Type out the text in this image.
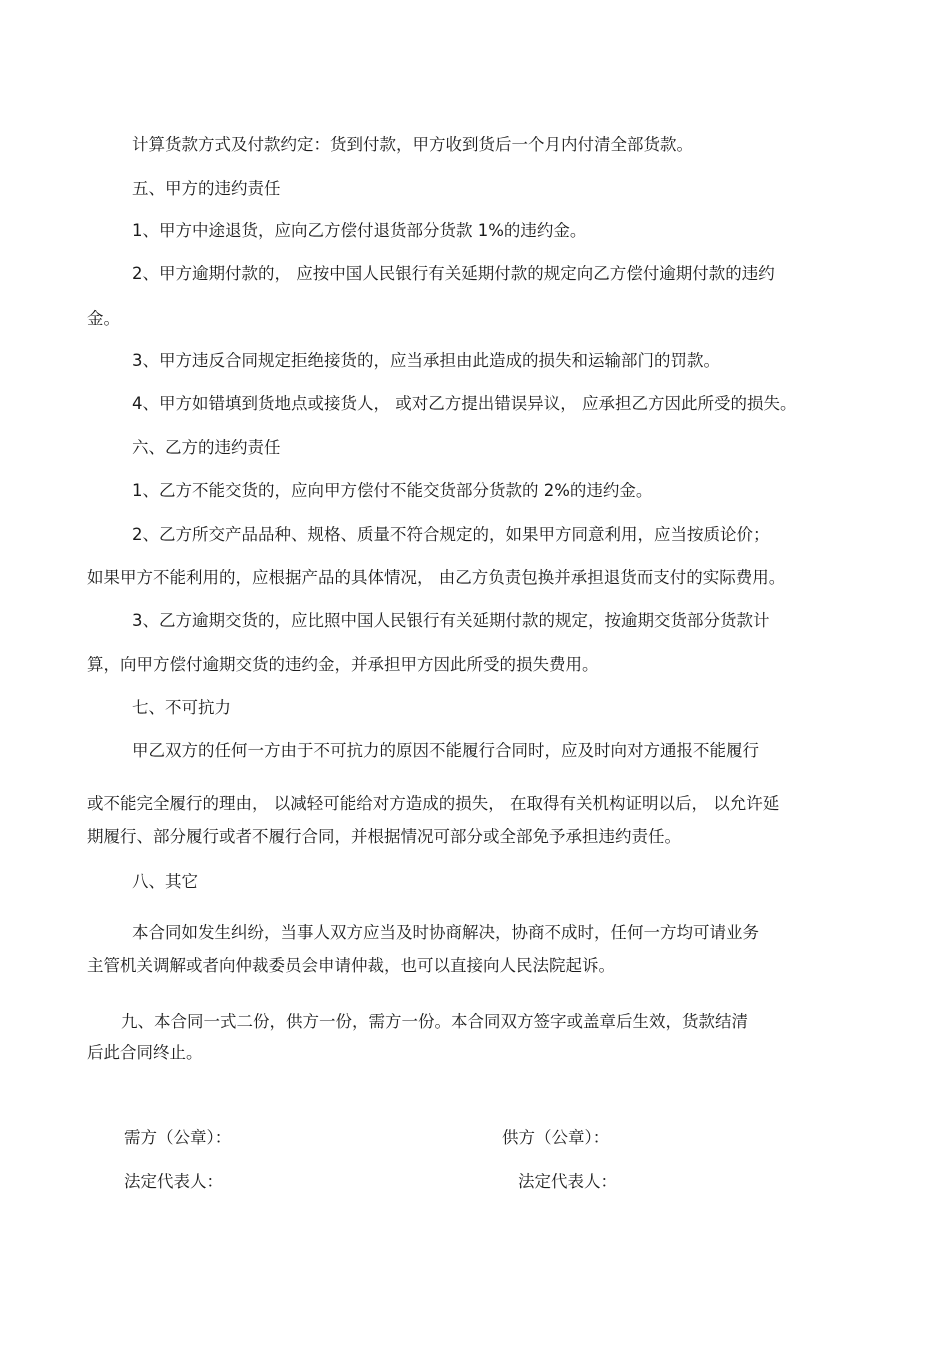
计算货款方式及付款约定：货到付款，甲方收到货后一个月内付清全部货款。
五、甲方的违约责任
1、甲方中途退货，应向乙方偿付退货部分货款 1%的违约金。
2、甲方逾期付款的， 应按中国人民银行有关延期付款的规定向乙方偿付逾期付款的违约
金。
3、甲方违反合同规定拒绝接货的，应当承担由此造成的损失和运输部门的罚款。
4、甲方如错填到货地点或接货人， 或对乙方提出错误异议， 应承担乙方因此所受的损失。
六、乙方的违约责任
1、乙方不能交货的，应向甲方偿付不能交货部分货款的 2%的违约金。
2、乙方所交产品品种、规格、质量不符合规定的，如果甲方同意利用，应当按质论价；
如果甲方不能利用的，应根据产品的具体情况， 由乙方负责包换并承担退货而支付的实际费用。
3、乙方逾期交货的，应比照中国人民银行有关延期付款的规定，按逾期交货部分货款计
算，向甲方偿付逾期交货的违约金，并承担甲方因此所受的损失费用。
七、不可抗力
甲乙双方的任何一方由于不可抗力的原因不能履行合同时，应及时向对方通报不能履行
或不能完全履行的理由， 以减轻可能给对方造成的损失， 在取得有关机构证明以后， 以允许延
期履行、部分履行或者不履行合同，并根据情况可部分或全部免予承担违约责任。
八、其它
本合同如发生纠纷，当事人双方应当及时协商解决，协商不成时，任何一方均可请业务
主管机关调解或者向仲裁委员会申请仲裁，也可以直接向人民法院起诉。
九、本合同一式二份，供方一份，需方一份。本合同双方签字或盖章后生效，货款结清
后此合同终止。
需方（公章）：	供方（公章）：
法定代表人：	法定代表人：
